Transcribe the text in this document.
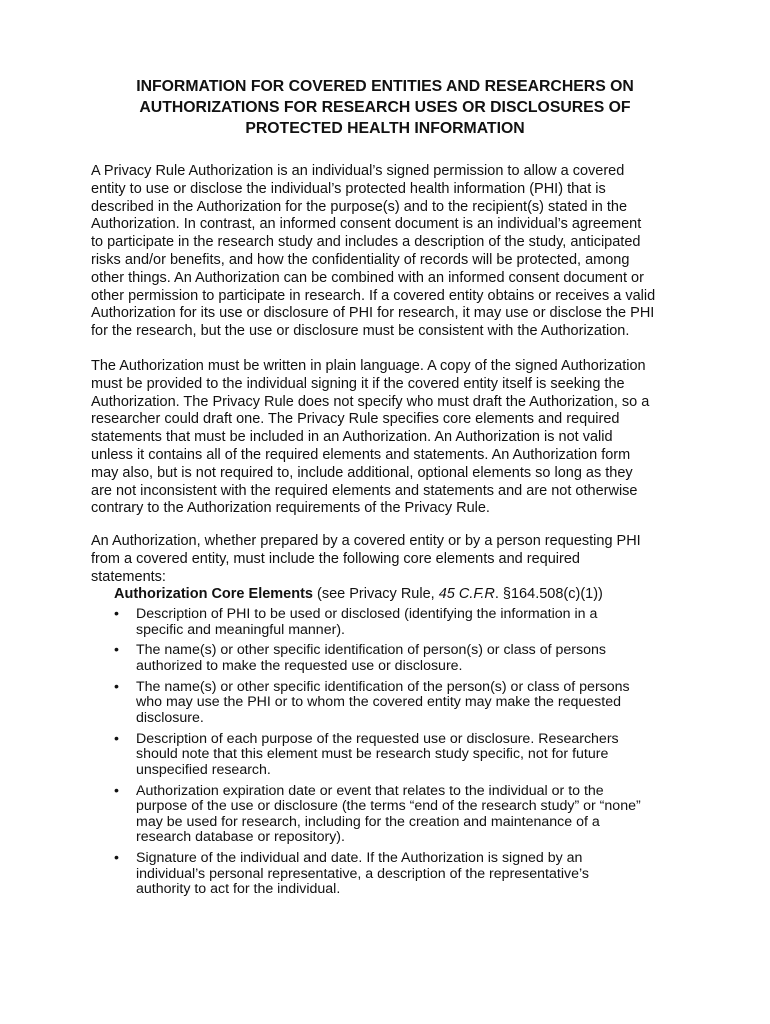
INFORMATION FOR COVERED ENTITIES AND RESEARCHERS ON
AUTHORIZATIONS FOR RESEARCH USES OR DISCLOSURES OF
PROTECTED HEALTH INFORMATION
A Privacy Rule Authorization is an individual’s signed permission to allow a covered
entity to use or disclose the individual’s protected health information (PHI) that is
described in the Authorization for the purpose(s) and to the recipient(s) stated in the
Authorization. In contrast, an informed consent document is an individual’s agreement
to participate in the research study and includes a description of the study, anticipated
risks and/or benefits, and how the confidentiality of records will be protected, among
other things. An Authorization can be combined with an informed consent document or
other permission to participate in research. If a covered entity obtains or receives a valid
Authorization for its use or disclosure of PHI for research, it may use or disclose the PHI
for the research, but the use or disclosure must be consistent with the Authorization.
The Authorization must be written in plain language. A copy of the signed Authorization
must be provided to the individual signing it if the covered entity itself is seeking the
Authorization. The Privacy Rule does not specify who must draft the Authorization, so a
researcher could draft one. The Privacy Rule specifies core elements and required
statements that must be included in an Authorization. An Authorization is not valid
unless it contains all of the required elements and statements. An Authorization form
may also, but is not required to, include additional, optional elements so long as they
are not inconsistent with the required elements and statements and are not otherwise
contrary to the Authorization requirements of the Privacy Rule.
An Authorization, whether prepared by a covered entity or by a person requesting PHI
from a covered entity, must include the following core elements and required
statements:
Authorization Core Elements (see Privacy Rule, 45 C.F.R. §164.508(c)(1))
•	Description of PHI to be used or disclosed (identifying the information in a
specific and meaningful manner).
•	The name(s) or other specific identification of person(s) or class of persons
authorized to make the requested use or disclosure.
•	The name(s) or other specific identification of the person(s) or class of persons
who may use the PHI or to whom the covered entity may make the requested
disclosure.
•	Description of each purpose of the requested use or disclosure. Researchers
should note that this element must be research study specific, not for future
unspecified research.
•	Authorization expiration date or event that relates to the individual or to the
purpose of the use or disclosure (the terms “end of the research study” or “none”
may be used for research, including for the creation and maintenance of a
research database or repository).
•	Signature of the individual and date. If the Authorization is signed by an
individual’s personal representative, a description of the representative’s
authority to act for the individual.
